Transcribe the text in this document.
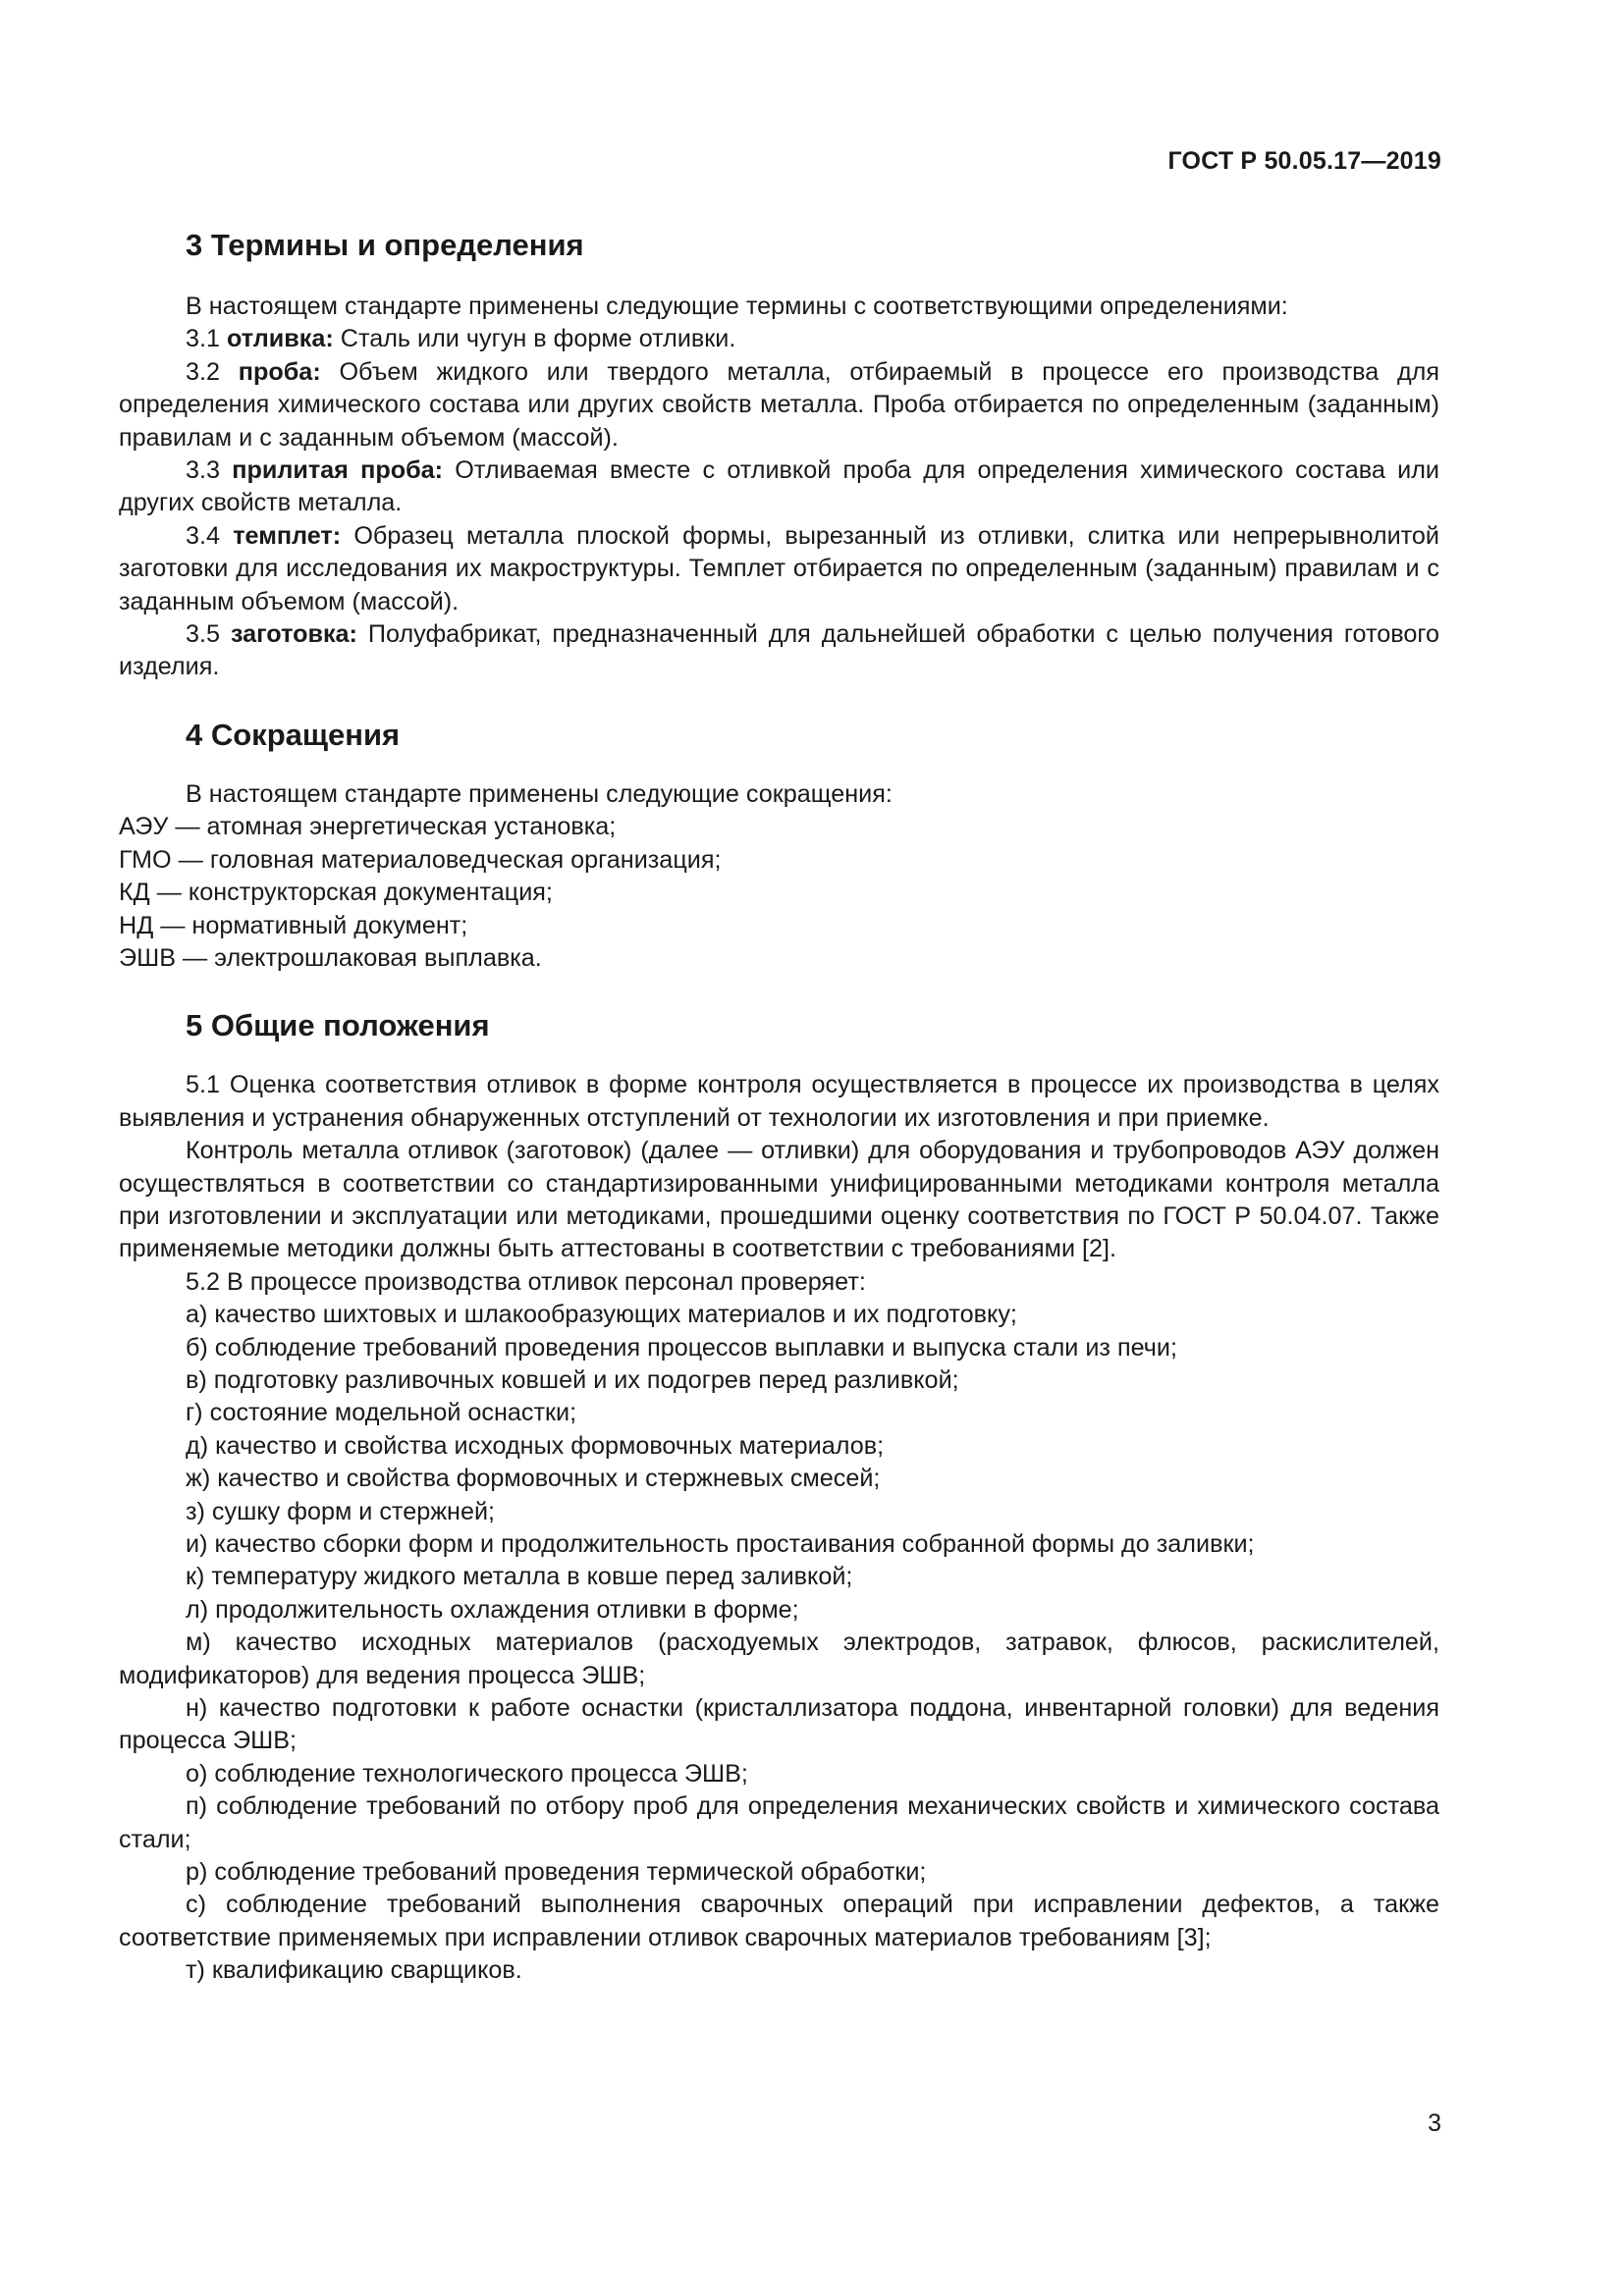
ГОСТ Р 50.05.17—2019
3 Термины и определения

В настоящем стандарте применены следующие термины с соответствующими определениями:

3.1 отливка: Сталь или чугун в форме отливки.

3.2 проба: Объем жидкого или твердого металла, отбираемый в процессе его производства для определения химического состава или других свойств металла. Проба отбирается по определенным (заданным) правилам и с заданным объемом (массой).

3.3 прилитая проба: Отливаемая вместе с отливкой проба для определения химического состава или других свойств металла.

3.4 темплет: Образец металла плоской формы, вырезанный из отливки, слитка или непрерывнолитой заготовки для исследования их макроструктуры. Темплет отбирается по определенным (заданным) правилам и с заданным объемом (массой).

3.5 заготовка: Полуфабрикат, предназначенный для дальнейшей обработки с целью получения готового изделия.

4 Сокращения

В настоящем стандарте применены следующие сокращения:

АЭУ — атомная энергетическая установка;

ГМО — головная материаловедческая организация;

КД — конструкторская документация;

НД — нормативный документ;

ЭШВ — электрошлаковая выплавка.

5 Общие положения

5.1 Оценка соответствия отливок в форме контроля осуществляется в процессе их производства в целях выявления и устранения обнаруженных отступлений от технологии их изготовления и при приемке.

Контроль металла отливок (заготовок) (далее — отливки) для оборудования и трубопроводов АЭУ должен осуществляться в соответствии со стандартизированными унифицированными методиками контроля металла при изготовлении и эксплуатации или методиками, прошедшими оценку соответствия по ГОСТ Р 50.04.07. Также применяемые методики должны быть аттестованы в соответствии с требованиями [2].

5.2 В процессе производства отливок персонал проверяет:

а) качество шихтовых и шлакообразующих материалов и их подготовку;

б) соблюдение требований проведения процессов выплавки и выпуска стали из печи;

в) подготовку разливочных ковшей и их подогрев перед разливкой;

г) состояние модельной оснастки;

д) качество и свойства исходных формовочных материалов;

ж) качество и свойства формовочных и стержневых смесей;

з) сушку форм и стержней;

и) качество сборки форм и продолжительность простаивания собранной формы до заливки;

к) температуру жидкого металла в ковше перед заливкой;

л) продолжительность охлаждения отливки в форме;

м) качество исходных материалов (расходуемых электродов, затравок, флюсов, раскислителей, модификаторов) для ведения процесса ЭШВ;

н) качество подготовки к работе оснастки (кристаллизатора поддона, инвентарной головки) для ведения процесса ЭШВ;

о) соблюдение технологического процесса ЭШВ;

п) соблюдение требований по отбору проб для определения механических свойств и химического состава стали;

р) соблюдение требований проведения термической обработки;

с) соблюдение требований выполнения сварочных операций при исправлении дефектов, а также соответствие применяемых при исправлении отливок сварочных материалов требованиям [3];

т) квалификацию сварщиков.

3
